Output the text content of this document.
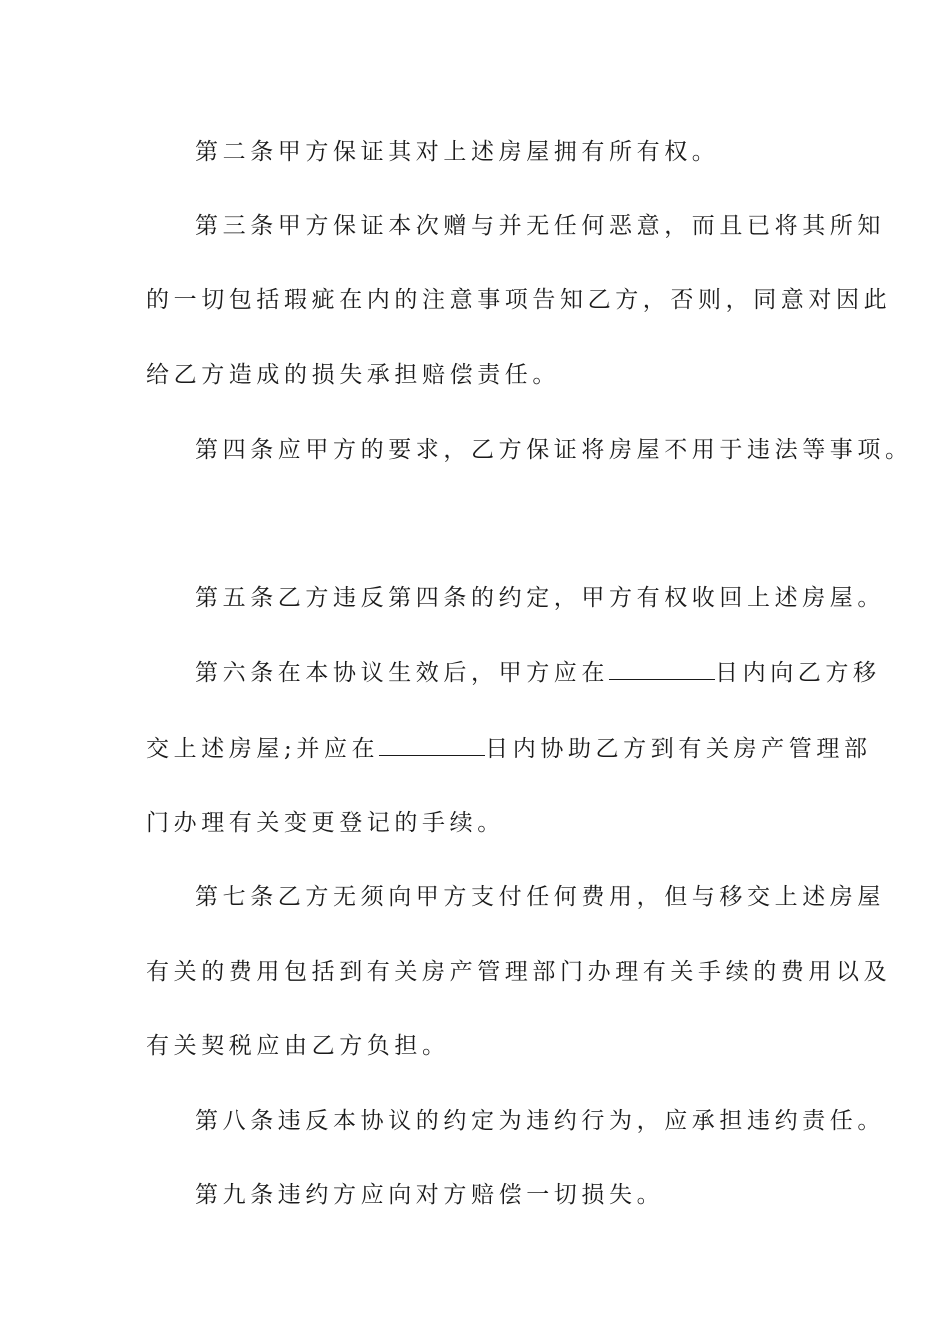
第二条甲方保证其对上述房屋拥有所有权。

第三条甲方保证本次赠与并无任何恶意，而且已将其所知

的一切包括瑕疵在内的注意事项告知乙方，否则，同意对因此

给乙方造成的损失承担赔偿责任。

第四条应甲方的要求，乙方保证将房屋不用于违法等事项。

第五条乙方违反第四条的约定，甲方有权收回上述房屋。

第六条在本协议生效后，甲方应在	日内向乙方移

交上述房屋;并应在	日内协助乙方到有关房产管理部

门办理有关变更登记的手续。

第七条乙方无须向甲方支付任何费用，但与移交上述房屋

有关的费用包括到有关房产管理部门办理有关手续的费用以及

有关契税应由乙方负担。

第八条违反本协议的约定为违约行为，应承担违约责任。

第九条违约方应向对方赔偿一切损失。
